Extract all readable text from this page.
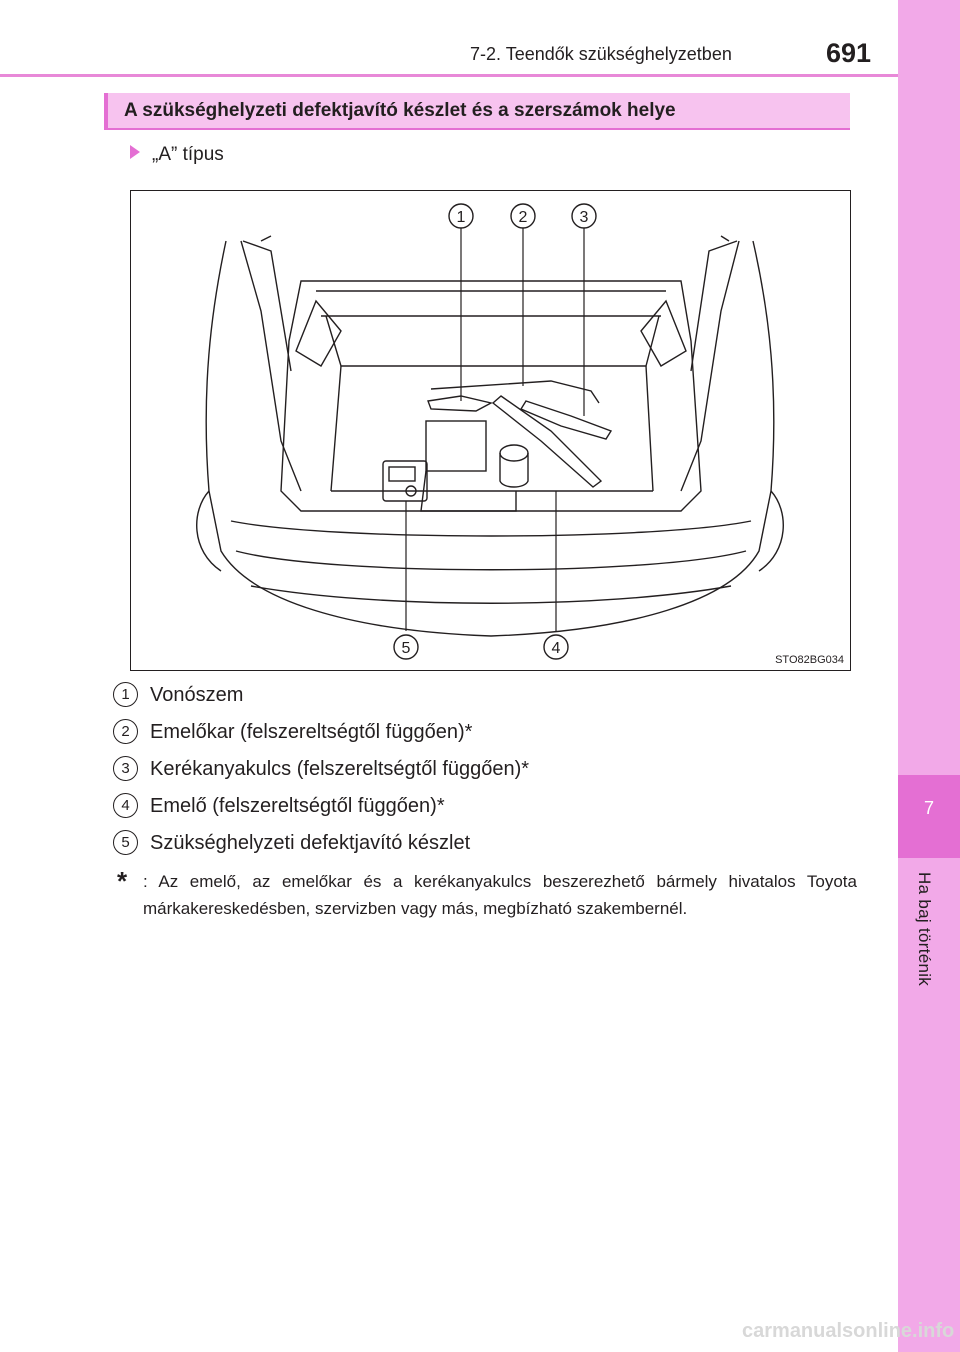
7-2. Teendők szükséghelyzetben	691
7
Ha baj történik
A szükséghelyzeti defektjavító készlet és a szerszámok helye
„A” típus
1	2	3
5	4
STO82BG034
1 Vonószem
2 Emelőkar (felszereltségtől függően)*
3 Kerékanyakulcs (felszereltségtől függően)*
4 Emelő (felszereltségtől függően)*
5 Szükséghelyzeti defektjavító készlet
* : Az emelő, az emelőkar és a kerékanyakulcs beszerezhető bármely hivatalos Toyota márkakereskedésben, szervizben vagy más, megbízható szakembernél.
carmanualsonline.info
